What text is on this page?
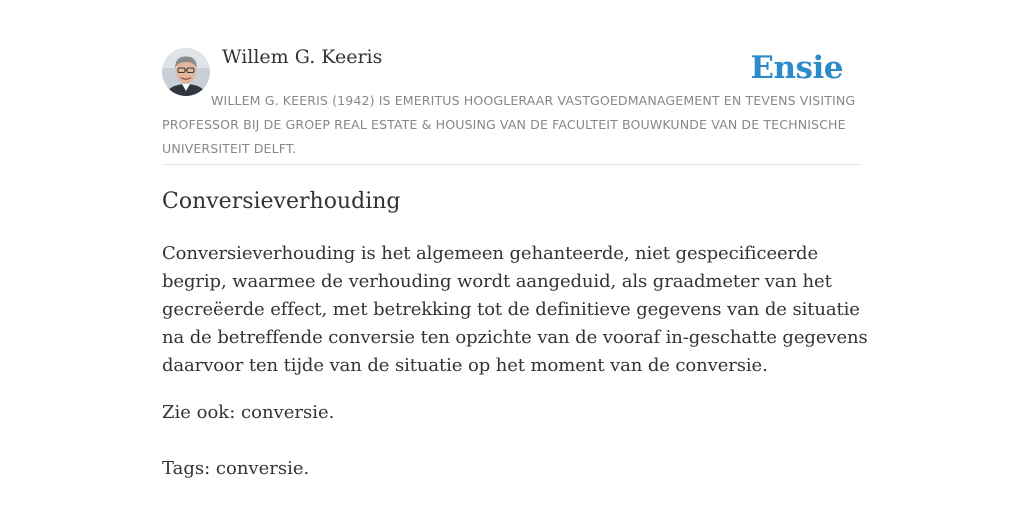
Willem G. Keeris	Ensie
WILLEM G. KEERIS (1942) IS EMERITUS HOOGLERAAR VASTGOEDMANAGEMENT EN TEVENS VISITING PROFESSOR BIJ DE GROEP REAL ESTATE & HOUSING VAN DE FACULTEIT BOUWKUNDE VAN DE TECHNISCHE UNIVERSITEIT DELFT.
Conversieverhouding

Conversieverhouding is het algemeen gehanteerde, niet gespecificeerde begrip, waarmee de verhouding wordt aangeduid, als graadmeter van het gecreëerde effect, met betrekking tot de definitieve gegevens van de situatie na de betreffende conversie ten opzichte van de vooraf in-geschatte gegevens daarvoor ten tijde van de situatie op het moment van de conversie.

Zie ook: conversie.

Tags: conversie.
